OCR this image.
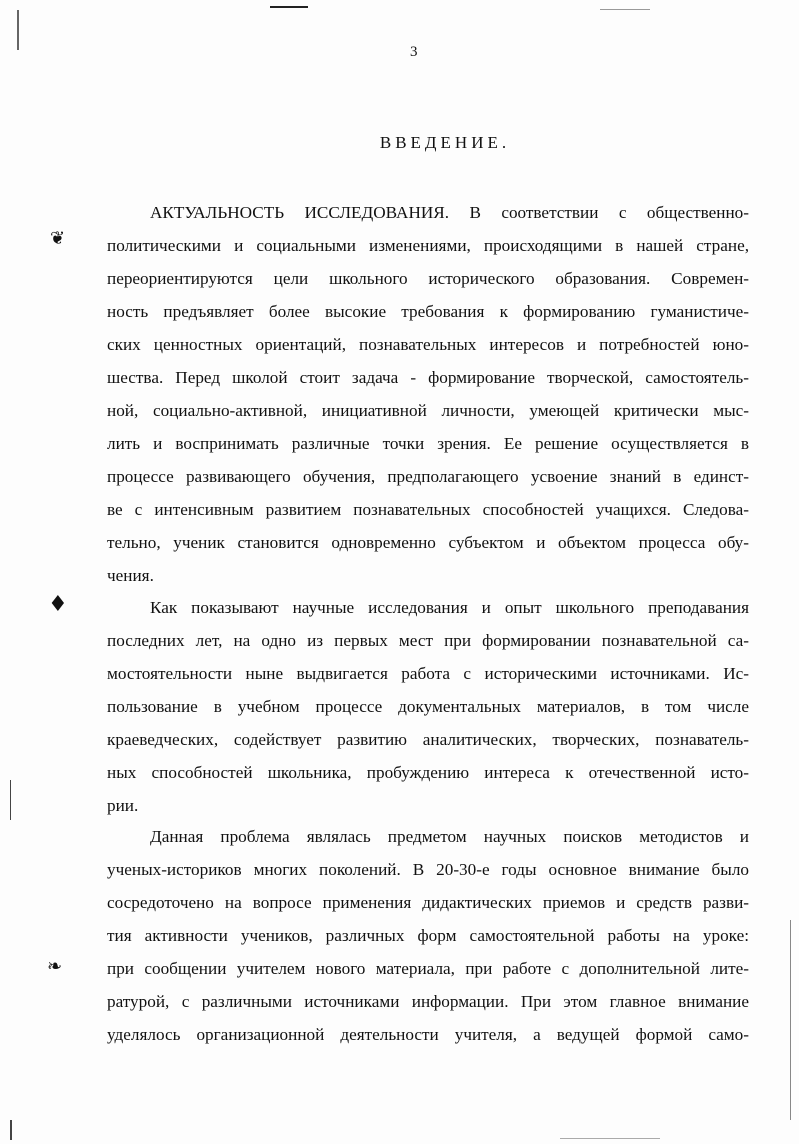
❦
♦
❧
3
ВВЕДЕНИЕ.
АКТУАЛЬНОСТЬ ИССЛЕДОВАНИЯ. В соответствии с общественно-
политическими и социальными изменениями, происходящими в нашей стране,
переориентируются цели школьного исторического образования. Современ-
ность предъявляет более высокие требования к формированию гуманистиче-
ских ценностных ориентаций, познавательных интересов и потребностей юно-
шества. Перед школой стоит задача - формирование творческой, самостоятель-
ной, социально-активной, инициативной личности, умеющей критически мыс-
лить и воспринимать различные точки зрения. Ее решение осуществляется в
процессе развивающего обучения, предполагающего усвоение знаний в единст-
ве с интенсивным развитием познавательных способностей учащихся. Следова-
тельно, ученик становится одновременно субъектом и объектом процесса обу-
чения.
Как показывают научные исследования и опыт школьного преподавания
последних лет, на одно из первых мест при формировании познавательной са-
мостоятельности ныне выдвигается работа с историческими источниками. Ис-
пользование в учебном процессе документальных материалов, в том числе
краеведческих, содействует развитию аналитических, творческих, познаватель-
ных способностей школьника, пробуждению интереса к отечественной исто-
рии.
Данная проблема являлась предметом научных поисков методистов и
ученых-историков многих поколений. В 20-30-е годы основное внимание было
сосредоточено на вопросе применения дидактических приемов и средств разви-
тия активности учеников, различных форм самостоятельной работы на уроке:
при сообщении учителем нового материала, при работе с дополнительной лите-
ратурой, с различными источниками информации. При этом главное внимание
уделялось организационной деятельности учителя, а ведущей формой само-
